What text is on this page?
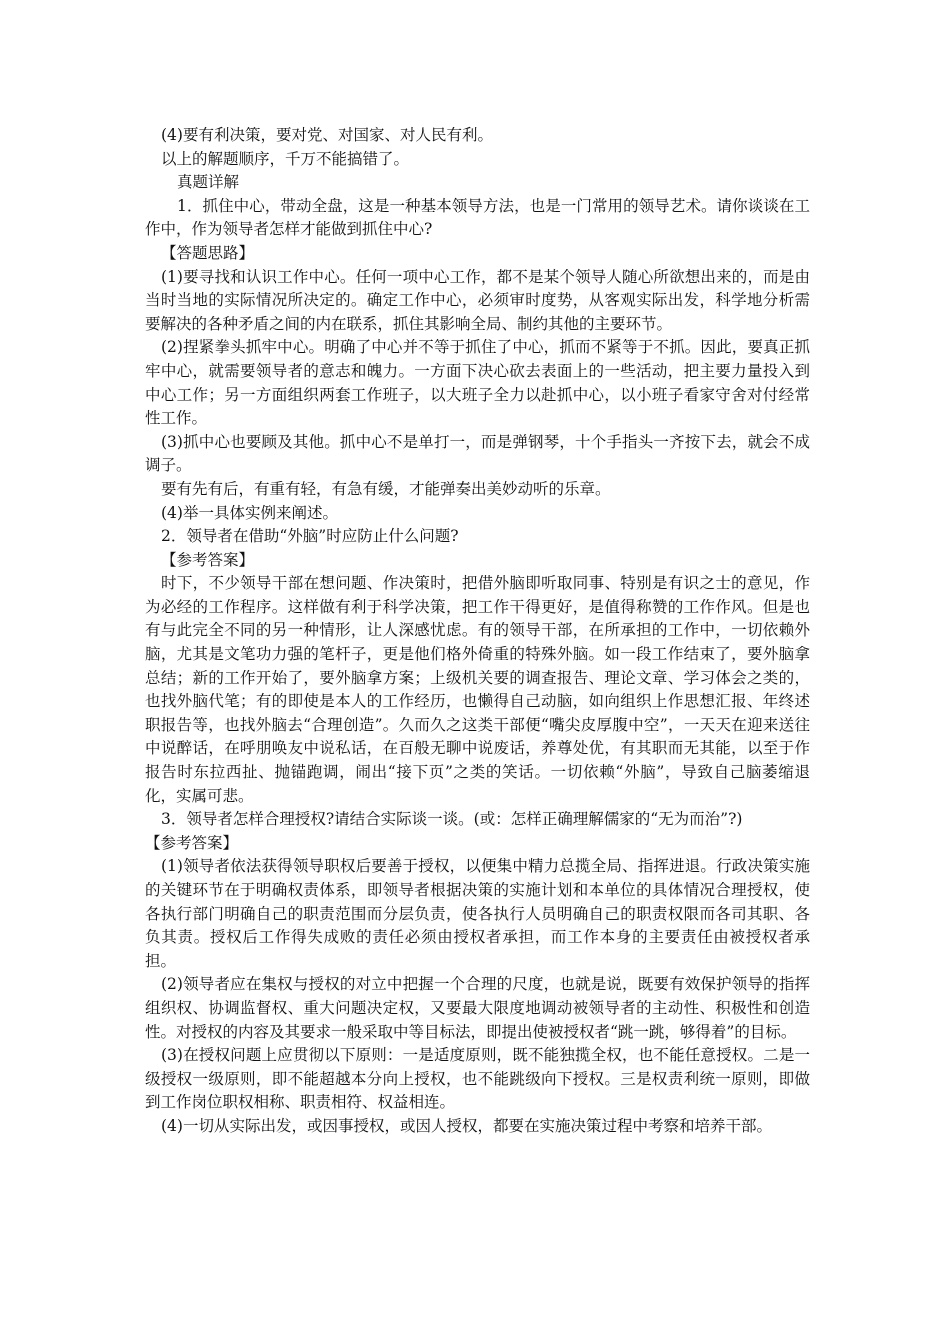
(4)要有利决策，要对党、对国家、对人民有利。

以上的解题顺序，千万不能搞错了。

真题详解

1．抓住中心，带动全盘，这是一种基本领导方法，也是一门常用的领导艺术。请你谈谈在工作中，作为领导者怎样才能做到抓住中心?

【答题思路】

(1)要寻找和认识工作中心。任何一项中心工作，都不是某个领导人随心所欲想出来的，而是由当时当地的实际情况所决定的。确定工作中心，必须审时度势，从客观实际出发，科学地分析需要解决的各种矛盾之间的内在联系，抓住其影响全局、制约其他的主要环节。

(2)捏紧拳头抓牢中心。明确了中心并不等于抓住了中心，抓而不紧等于不抓。因此，要真正抓牢中心，就需要领导者的意志和魄力。一方面下决心砍去表面上的一些活动，把主要力量投入到中心工作；另一方面组织两套工作班子，以大班子全力以赴抓中心，以小班子看家守舍对付经常性工作。

(3)抓中心也要顾及其他。抓中心不是单打一，而是弹钢琴，十个手指头一齐按下去，就会不成调子。

要有先有后，有重有轻，有急有缓，才能弹奏出美妙动听的乐章。

(4)举一具体实例来阐述。

2．领导者在借助“外脑”时应防止什么问题?

【参考答案】

时下，不少领导干部在想问题、作决策时，把借外脑即听取同事、特别是有识之士的意见，作为必经的工作程序。这样做有利于科学决策，把工作干得更好，是值得称赞的工作作风。但是也有与此完全不同的另一种情形，让人深感忧虑。有的领导干部，在所承担的工作中，一切依赖外脑，尤其是文笔功力强的笔杆子，更是他们格外倚重的特殊外脑。如一段工作结束了，要外脑拿总结；新的工作开始了，要外脑拿方案；上级机关要的调查报告、理论文章、学习体会之类的，也找外脑代笔；有的即使是本人的工作经历，也懒得自己动脑，如向组织上作思想汇报、年终述职报告等，也找外脑去“合理创造”。久而久之这类干部便“嘴尖皮厚腹中空”，一天天在迎来送往中说醉话，在呼朋唤友中说私话，在百般无聊中说废话，养尊处优，有其职而无其能，以至于作报告时东拉西扯、抛锚跑调，闹出“接下页”之类的笑话。一切依赖“外脑”，导致自己脑萎缩退化，实属可悲。

3．领导者怎样合理授权?请结合实际谈一谈。(或：怎样正确理解儒家的“无为而治”?)

【参考答案】

(1)领导者依法获得领导职权后要善于授权，以便集中精力总揽全局、指挥进退。行政决策实施的关键环节在于明确权责体系，即领导者根据决策的实施计划和本单位的具体情况合理授权，使各执行部门明确自己的职责范围而分层负责，使各执行人员明确自己的职责权限而各司其职、各负其责。授权后工作得失成败的责任必须由授权者承担，而工作本身的主要责任由被授权者承担。

(2)领导者应在集权与授权的对立中把握一个合理的尺度，也就是说，既要有效保护领导的指挥组织权、协调监督权、重大问题决定权，又要最大限度地调动被领导者的主动性、积极性和创造性。对授权的内容及其要求一般采取中等目标法，即提出使被授权者“跳一跳，够得着”的目标。

(3)在授权问题上应贯彻以下原则：一是适度原则，既不能独揽全权，也不能任意授权。二是一级授权一级原则，即不能超越本分向上授权，也不能跳级向下授权。三是权责利统一原则，即做到工作岗位职权相称、职责相符、权益相连。

(4)一切从实际出发，或因事授权，或因人授权，都要在实施决策过程中考察和培养干部。
